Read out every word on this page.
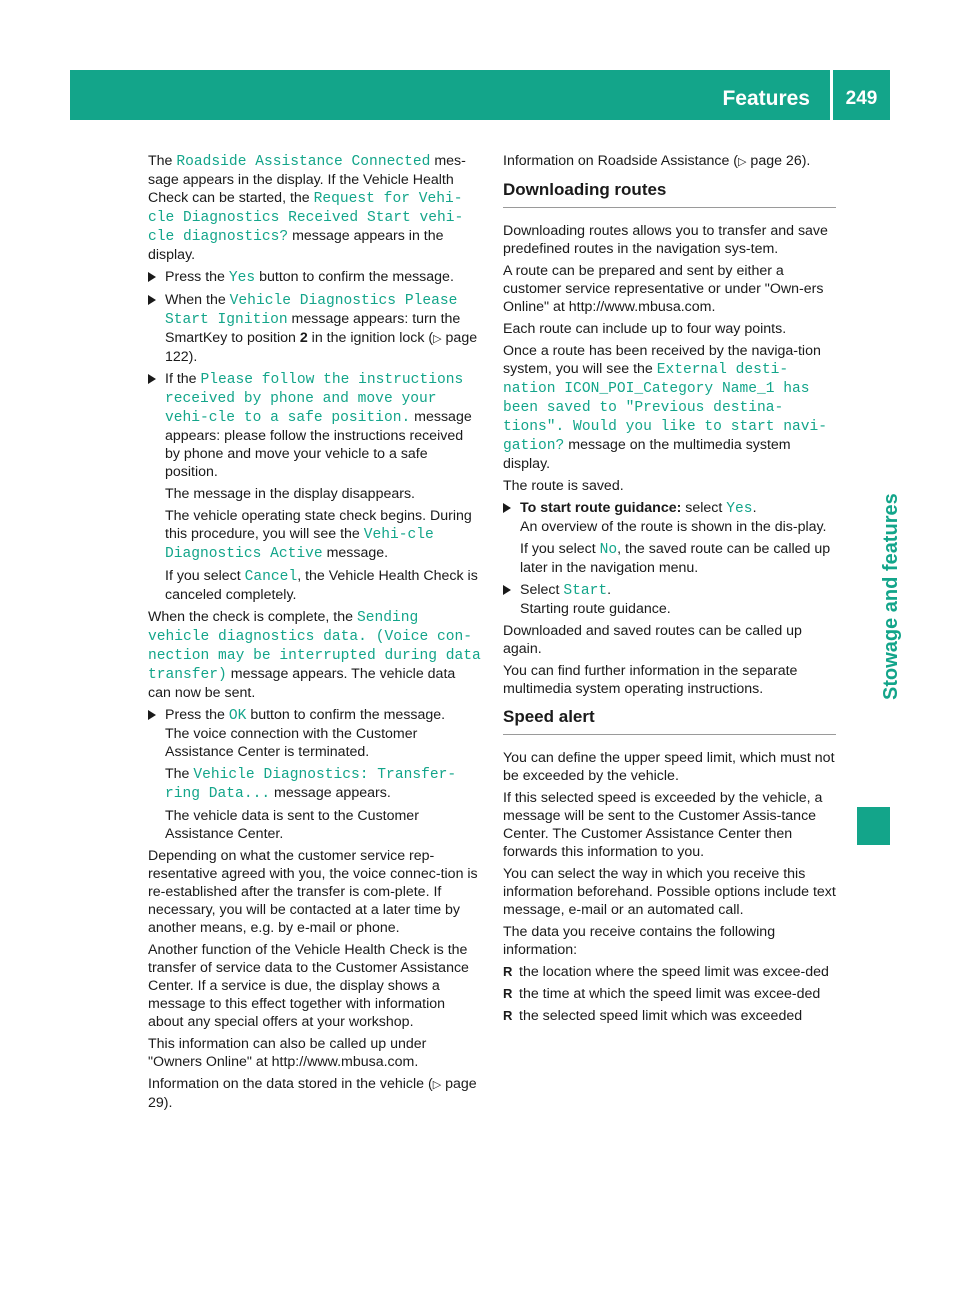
Features	249
Stowage and features

The Roadside Assistance Connected mes-sage appears in the display. If the Vehicle Health Check can be started, the Request for Vehi-cle Diagnostics Received Start vehi-cle diagnostics? message appears in the display.

Press the Yes button to confirm the message.
When the Vehicle Diagnostics Please Start Ignition message appears: turn the SmartKey to position 2 in the ignition lock (▷ page 122).
If the Please follow the instructions received by phone and move your vehi-cle to a safe position. message appears: please follow the instructions received by phone and move your vehicle to a safe position.

The message in the display disappears.

The vehicle operating state check begins. During this procedure, you will see the Vehi-cle Diagnostics Active message.

If you select Cancel, the Vehicle Health Check is canceled completely.

When the check is complete, the Sending vehicle diagnostics data. (Voice con-nection may be interrupted during data transfer) message appears. The vehicle data can now be sent.

Press the OK button to confirm the message.
The voice connection with the Customer Assistance Center is terminated.

The Vehicle Diagnostics: Transfer-ring Data... message appears.

The vehicle data is sent to the Customer Assistance Center.

Depending on what the customer service rep-resentative agreed with you, the voice connec-tion is re-established after the transfer is com-plete. If necessary, you will be contacted at a later time by another means, e.g. by e-mail or phone.

Another function of the Vehicle Health Check is the transfer of service data to the Customer Assistance Center. If a service is due, the display shows a message to this effect together with information about any special offers at your workshop.

This information can also be called up under "Owners Online" at http://www.mbusa.com.

Information on the data stored in the vehicle (▷ page 29).

Information on Roadside Assistance (▷ page 26).

Downloading routes

Downloading routes allows you to transfer and save predefined routes in the navigation sys-tem.

A route can be prepared and sent by either a customer service representative or under "Own-ers Online" at http://www.mbusa.com.

Each route can include up to four way points.

Once a route has been received by the naviga-tion system, you will see the External desti-nation ICON_POI_Category Name_1 has been saved to "Previous destina-tions". Would you like to start navi-gation? message on the multimedia system display.

The route is saved.

To start route guidance: select Yes.
An overview of the route is shown in the dis-play.

If you select No, the saved route can be called up later in the navigation menu.

Select Start.
Starting route guidance.

Downloaded and saved routes can be called up again.

You can find further information in the separate multimedia system operating instructions.

Speed alert

You can define the upper speed limit, which must not be exceeded by the vehicle.

If this selected speed is exceeded by the vehicle, a message will be sent to the Customer Assis-tance Center. The Customer Assistance Center then forwards this information to you.

You can select the way in which you receive this information beforehand. Possible options include text message, e-mail or an automated call.

The data you receive contains the following information:

R the location where the speed limit was excee-ded
R the time at which the speed limit was excee-ded
R the selected speed limit which was exceeded
